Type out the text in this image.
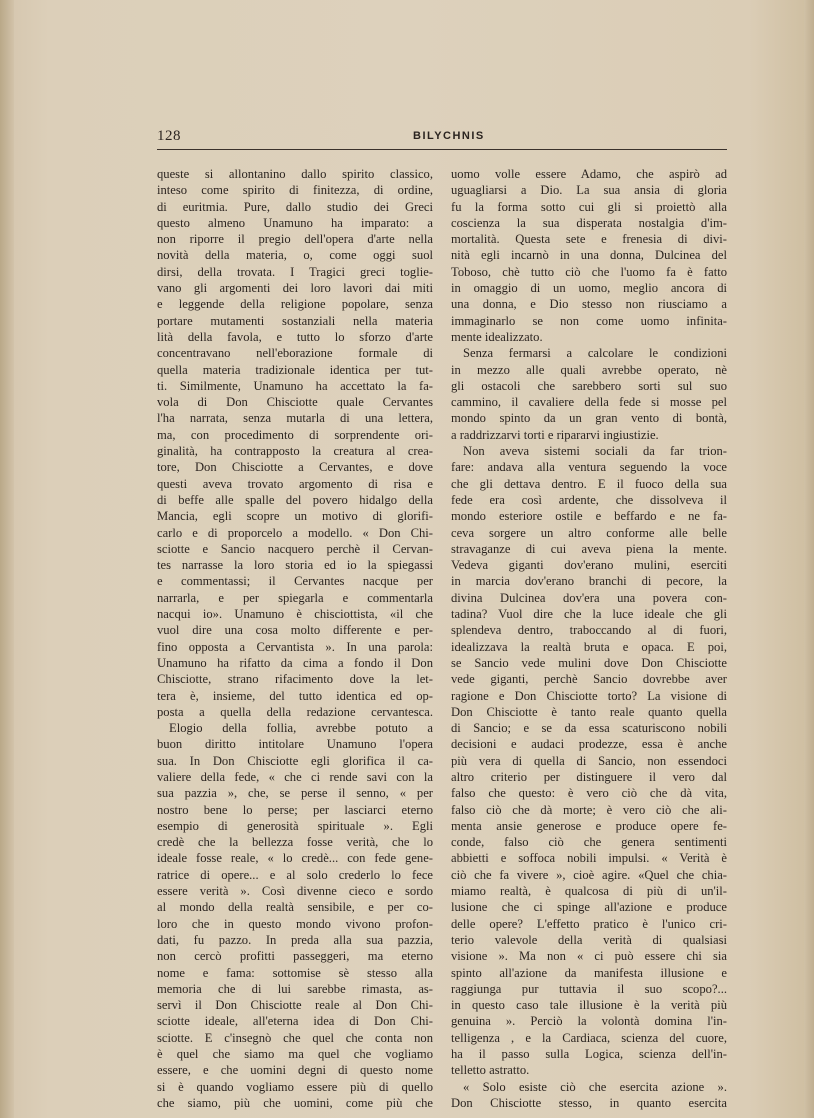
128	BILYCHNIS
queste si allontanino dallo spirito classico,
inteso come spirito di finitezza, di ordine,
di euritmia. Pure, dallo studio dei Greci
questo almeno Unamuno ha imparato: a
non riporre il pregio dell'opera d'arte nella
novità della materia, o, come oggi suol
dirsi, della trovata. I Tragici greci toglie-
vano gli argomenti dei loro lavori dai miti
e leggende della religione popolare, senza
portare mutamenti sostanziali nella materia
lità della favola, e tutto lo sforzo d'arte
concentravano nell'eborazione formale di
quella materia tradizionale identica per tut-
ti. Similmente, Unamuno ha accettato la fa-
vola di Don Chisciotte quale Cervantes
l'ha narrata, senza mutarla di una lettera,
ma, con procedimento di sorprendente ori-
ginalità, ha contrapposto la creatura al crea-
tore, Don Chisciotte a Cervantes, e dove
questi aveva trovato argomento di risa e
di beffe alle spalle del povero hidalgo della
Mancia, egli scopre un motivo di glorifi-
carlo e di proporcelo a modello. « Don Chi-
sciotte e Sancio nacquero perchè il Cervan-
tes narrasse la loro storia ed io la spiegassi
e commentassi; il Cervantes nacque per
narrarla, e per spiegarla e commentarla
nacqui io». Unamuno è chisciottista, «il che
vuol dire una cosa molto differente e per-
fino opposta a Cervantista ». In una parola:
Unamuno ha rifatto da cima a fondo il Don
Chisciotte, strano rifacimento dove la let-
tera è, insieme, del tutto identica ed op-
posta a quella della redazione cervantesca.
Elogio della follia, avrebbe potuto a
buon diritto intitolare Unamuno l'opera
sua. In Don Chisciotte egli glorifica il ca-
valiere della fede, « che ci rende savi con la
sua pazzia », che, se perse il senno, « per
nostro bene lo perse; per lasciarci eterno
esempio di generosità spirituale ». Egli
credè che la bellezza fosse verità, che lo
ideale fosse reale, « lo credè... con fede gene-
ratrice di opere... e al solo crederlo lo fece
essere verità ». Così divenne cieco e sordo
al mondo della realtà sensibile, e per co-
loro che in questo mondo vivono profon-
dati, fu pazzo. In preda alla sua pazzia,
non cercò profitti passeggeri, ma eterno
nome e fama: sottomise sè stesso alla
memoria che di lui sarebbe rimasta, as-
servì il Don Chisciotte reale al Don Chi-
sciotte ideale, all'eterna idea di Don Chi-
sciotte. E c'insegnò che quel che conta non
è quel che siamo ma quel che vogliamo
essere, e che uomini degni di questo nome
si è quando vogliamo essere più di quello
che siamo, più che uomini, come più che
uomo volle essere Adamo, che aspirò ad
uguagliarsi a Dio. La sua ansia di gloria
fu la forma sotto cui gli si proiettò alla
coscienza la sua disperata nostalgia d'im-
mortalità. Questa sete e frenesia di divi-
nità egli incarnò in una donna, Dulcinea del
Toboso, chè tutto ciò che l'uomo fa è fatto
in omaggio di un uomo, meglio ancora di
una donna, e Dio stesso non riusciamo a
immaginarlo se non come uomo infinita-
mente idealizzato.
Senza fermarsi a calcolare le condizioni
in mezzo alle quali avrebbe operato, nè
gli ostacoli che sarebbero sorti sul suo
cammino, il cavaliere della fede si mosse pel
mondo spinto da un gran vento di bontà,
a raddrizzarvi torti e ripararvi ingiustizie.
Non aveva sistemi sociali da far trion-
fare: andava alla ventura seguendo la voce
che gli dettava dentro. E il fuoco della sua
fede era così ardente, che dissolveva il
mondo esteriore ostile e beffardo e ne fa-
ceva sorgere un altro conforme alle belle
stravaganze di cui aveva piena la mente.
Vedeva giganti dov'erano mulini, eserciti
in marcia dov'erano branchi di pecore, la
divina Dulcinea dov'era una povera con-
tadina? Vuol dire che la luce ideale che gli
splendeva dentro, traboccando al di fuori,
idealizzava la realtà bruta e opaca. E poi,
se Sancio vede mulini dove Don Chisciotte
vede giganti, perchè Sancio dovrebbe aver
ragione e Don Chisciotte torto? La visione di
Don Chisciotte è tanto reale quanto quella
di Sancio; e se da essa scaturiscono nobili
decisioni e audaci prodezze, essa è anche
più vera di quella di Sancio, non essendoci
altro criterio per distinguere il vero dal
falso che questo: è vero ciò che dà vita,
falso ciò che dà morte; è vero ciò che ali-
menta ansie generose e produce opere fe-
conde, falso ciò che genera sentimenti
abbietti e soffoca nobili impulsi. « Verità è
ciò che fa vivere », cioè agire. «Quel che chia-
miamo realtà, è qualcosa di più di un'il-
lusione che ci spinge all'azione e produce
delle opere? L'effetto pratico è l'unico cri-
terio valevole della verità di qualsiasi
visione ». Ma non « ci può essere chi sia
spinto all'azione da manifesta illusione e
raggiunga pur tuttavia il suo scopo?...
in questo caso tale illusione è la verità più
genuina ». Perciò la volontà domina l'in-
telligenza , e la Cardiaca, scienza del cuore,
ha il passo sulla Logica, scienza dell'in-
telletto astratto.
« Solo esiste ciò che esercita azione ».
Don Chisciotte stesso, in quanto esercita
